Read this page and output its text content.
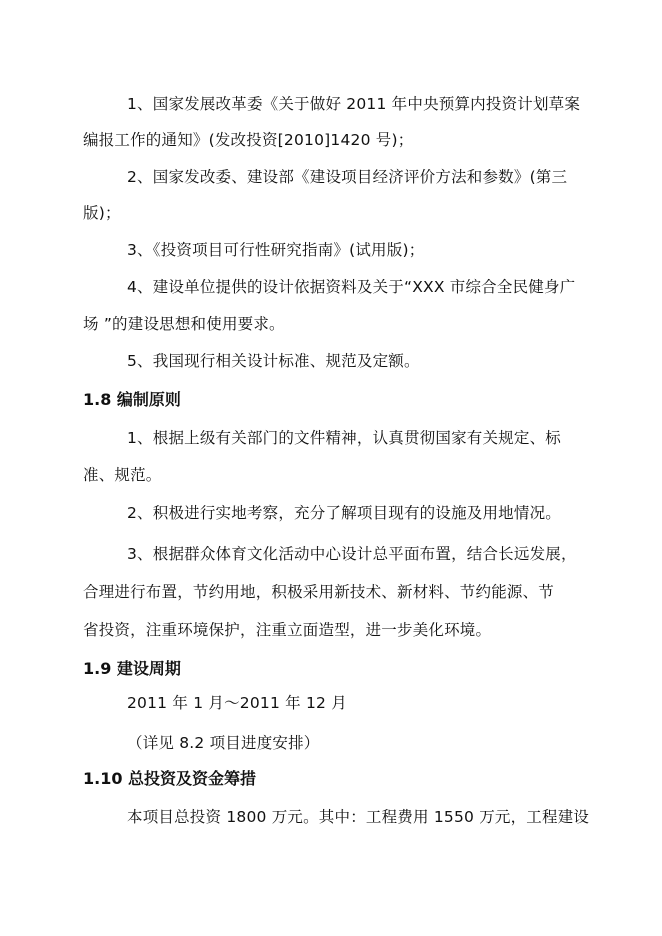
1、国家发展改革委《关于做好 2011 年中央预算内投资计划草案
编报工作的通知》(发改投资[2010]1420 号)；
2、国家发改委、建设部《建设项目经济评价方法和参数》(第三
版)；
3、《投资项目可行性研究指南》(试用版)；
4、建设单位提供的设计依据资料及关于“XXX 市综合全民健身广
场 ”的建设思想和使用要求。
5、我国现行相关设计标准、规范及定额。
1.8 编制原则
1、根据上级有关部门的文件精神，认真贯彻国家有关规定、标
准、规范。
2、积极进行实地考察，充分了解项目现有的设施及用地情况。
3、根据群众体育文化活动中心设计总平面布置，结合长远发展，
合理进行布置，节约用地，积极采用新技术、新材料、节约能源、节
省投资，注重环境保护，注重立面造型，进一步美化环境。
1.9 建设周期
2011 年 1 月～2011 年 12 月
（详见 8.2 项目进度安排）
1.10 总投资及资金筹措
本项目总投资 1800 万元。其中：工程费用 1550 万元，工程建设
